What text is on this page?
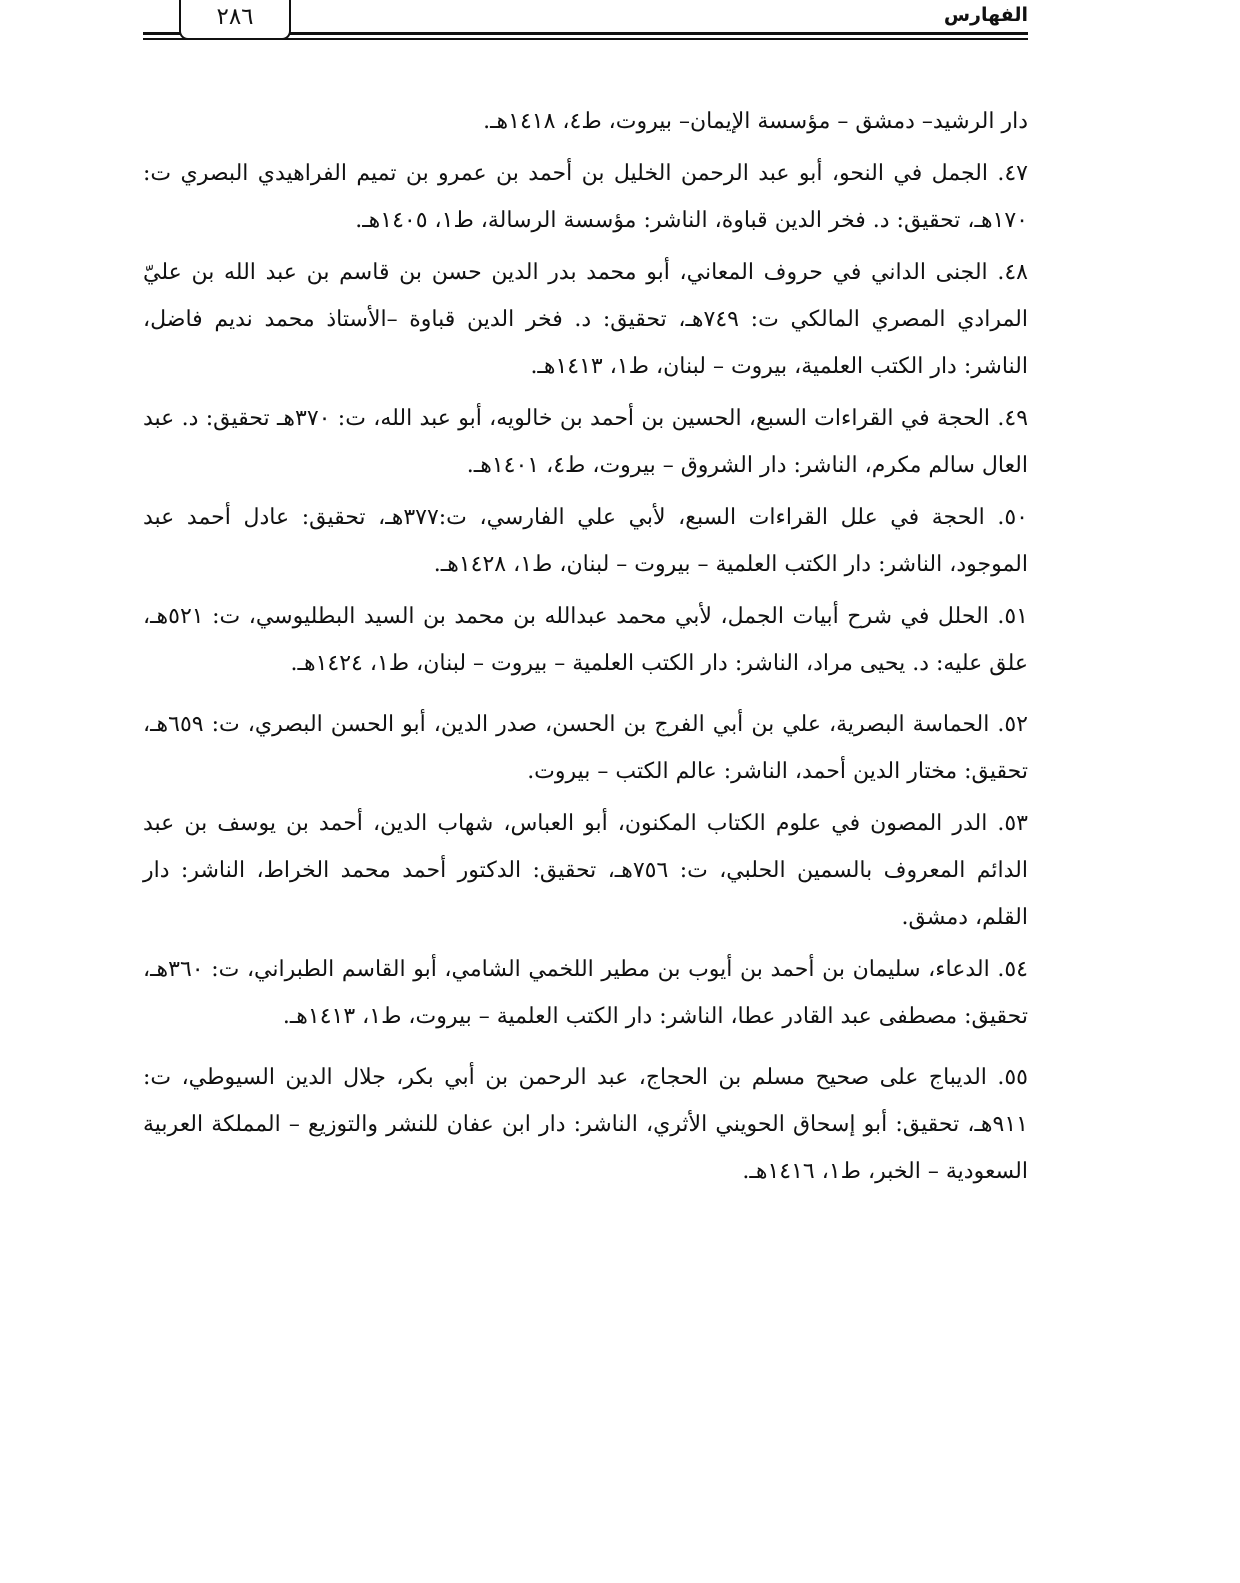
٢٨٦	الفهارس

دار الرشيد– دمشق – مؤسسة الإيمان– بيروت، ط٤، ١٤١٨هـ.

٤٧. الجمل في النحو، أبو عبد الرحمن الخليل بن أحمد بن عمرو بن تميم الفراهيدي البصري ت: ١٧٠هـ، تحقيق: د. فخر الدين قباوة، الناشر: مؤسسة الرسالة، ط١، ١٤٠٥هـ.

٤٨. الجنى الداني في حروف المعاني، أبو محمد بدر الدين حسن بن قاسم بن عبد الله بن عليّ المرادي المصري المالكي ت: ٧٤٩هـ، تحقيق: د. فخر الدين قباوة –الأستاذ محمد نديم فاضل، الناشر: دار الكتب العلمية، بيروت – لبنان، ط١، ١٤١٣هـ.

٤٩. الحجة في القراءات السبع، الحسين بن أحمد بن خالويه، أبو عبد الله، ت: ٣٧٠هـ تحقيق: د. عبد العال سالم مكرم، الناشر: دار الشروق – بيروت، ط٤، ١٤٠١هـ.

٥٠. الحجة في علل القراءات السبع، لأبي علي الفارسي، ت:٣٧٧هـ، تحقيق: عادل أحمد عبد الموجود، الناشر: دار الكتب العلمية – بيروت – لبنان، ط١، ١٤٢٨هـ.

٥١. الحلل في شرح أبيات الجمل، لأبي محمد عبدالله بن محمد بن السيد البطليوسي، ت: ٥٢١هـ، علق عليه: د. يحيى مراد، الناشر: دار الكتب العلمية – بيروت – لبنان، ط١، ١٤٢٤هـ.

٥٢. الحماسة البصرية، علي بن أبي الفرج بن الحسن، صدر الدين، أبو الحسن البصري، ت: ٦٥٩هـ، تحقيق: مختار الدين أحمد، الناشر: عالم الكتب – بيروت.

٥٣. الدر المصون في علوم الكتاب المكنون، أبو العباس، شهاب الدين، أحمد بن يوسف بن عبد الدائم المعروف بالسمين الحلبي، ت: ٧٥٦هـ، تحقيق: الدكتور أحمد محمد الخراط، الناشر: دار القلم، دمشق.

٥٤. الدعاء، سليمان بن أحمد بن أيوب بن مطير اللخمي الشامي، أبو القاسم الطبراني، ت: ٣٦٠هـ، تحقيق: مصطفى عبد القادر عطا، الناشر: دار الكتب العلمية – بيروت، ط١، ١٤١٣هـ.

٥٥. الديباج على صحيح مسلم بن الحجاج، عبد الرحمن بن أبي بكر، جلال الدين السيوطي، ت: ٩١١هـ، تحقيق: أبو إسحاق الحويني الأثري، الناشر: دار ابن عفان للنشر والتوزيع – المملكة العربية السعودية – الخبر، ط١، ١٤١٦هـ.
